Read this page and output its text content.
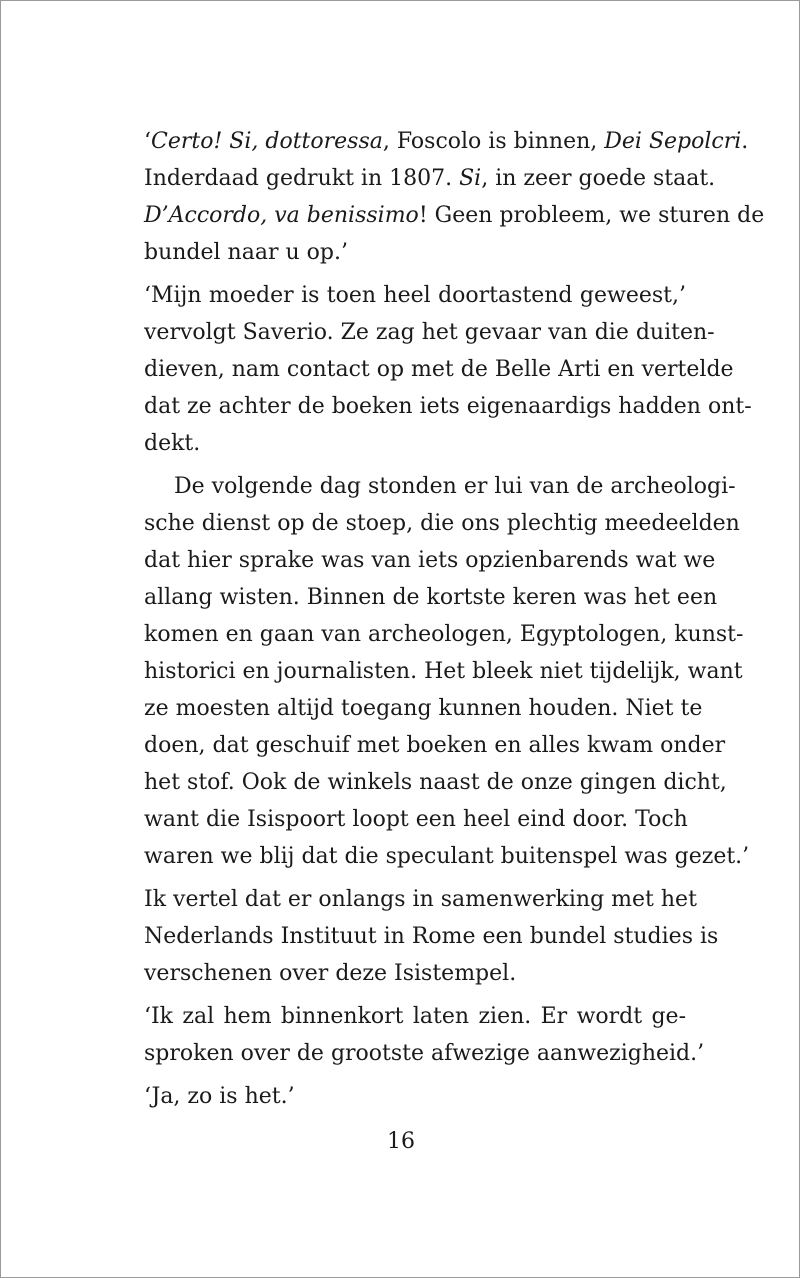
‘Certo! Si, dottoressa, Foscolo is binnen, Dei Sepolcri.
Inderdaad gedrukt in 1807. Si, in zeer goede staat.
D’Accordo, va benissimo! Geen probleem, we sturen de
bundel naar u op.’

‘Mijn moeder is toen heel doortastend geweest,’
vervolgt Saverio. Ze zag het gevaar van die duiten-
dieven, nam contact op met de Belle Arti en vertelde
dat ze achter de boeken iets eigenaardigs hadden ont-
dekt.

De volgende dag stonden er lui van de archeologi-
sche dienst op de stoep, die ons plechtig meedeelden
dat hier sprake was van iets opzienbarends wat we
allang wisten. Binnen de kortste keren was het een
komen en gaan van archeologen, Egyptologen, kunst-
historici en journalisten. Het bleek niet tijdelijk, want
ze moesten altijd toegang kunnen houden. Niet te
doen, dat geschuif met boeken en alles kwam onder
het stof. Ook de winkels naast de onze gingen dicht,
want die Isispoort loopt een heel eind door. Toch
waren we blij dat die speculant buitenspel was gezet.’

Ik vertel dat er onlangs in samenwerking met het
Nederlands Instituut in Rome een bundel studies is
verschenen over deze Isistempel.

‘Ik zal hem binnenkort laten zien. Er wordt ge-
sproken over de grootste afwezige aanwezigheid.’

‘Ja, zo is het.’

16
